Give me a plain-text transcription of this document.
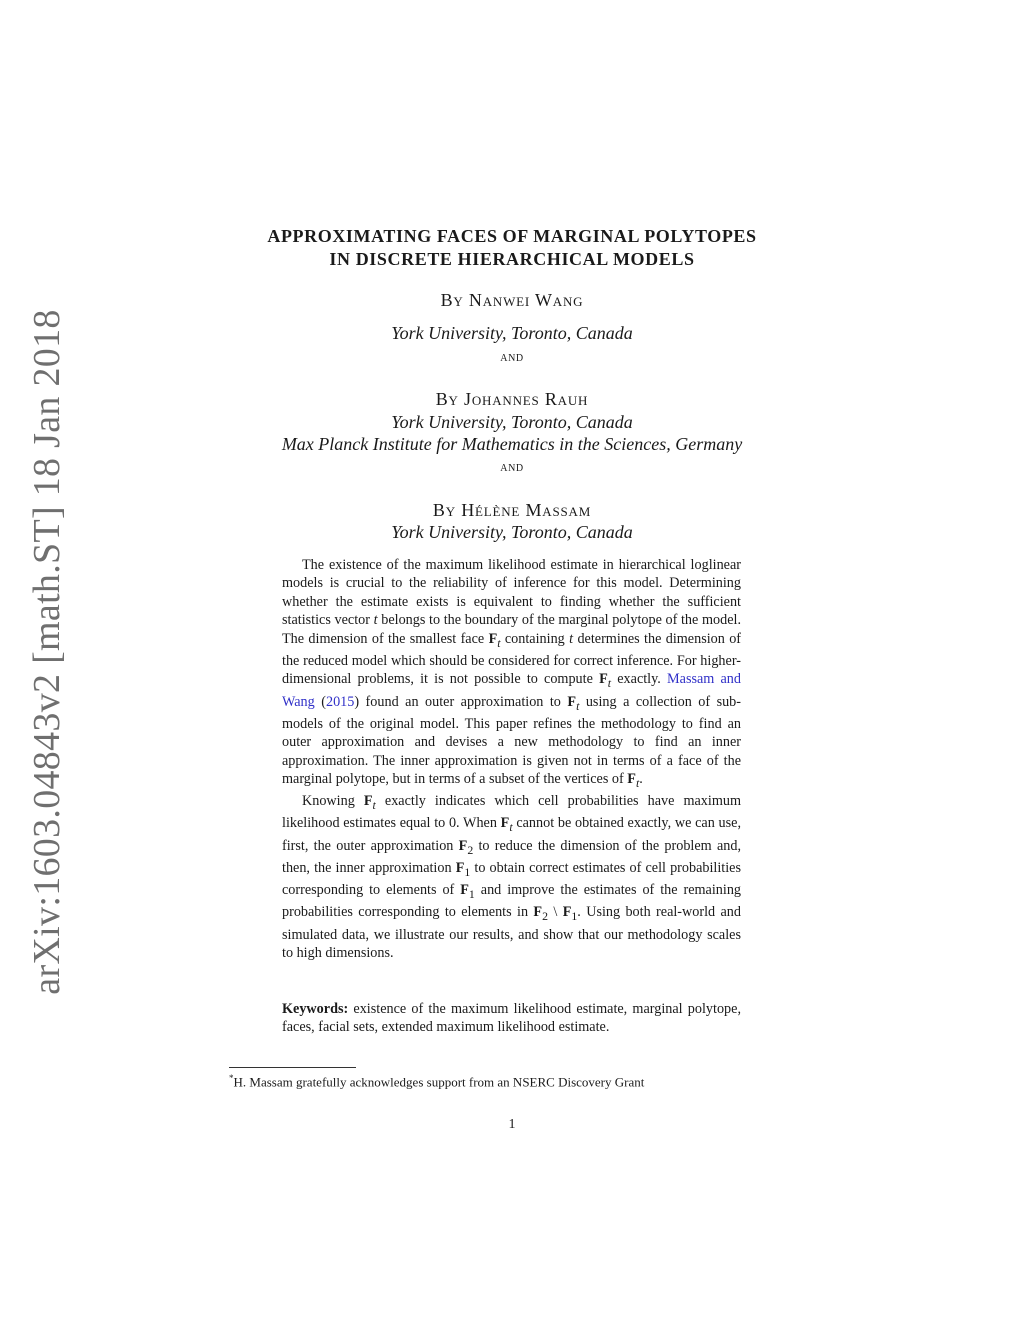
arXiv:1603.04843v2 [math.ST] 18 Jan 2018
APPROXIMATING FACES OF MARGINAL POLYTOPES
IN DISCRETE HIERARCHICAL MODELS
By Nanwei Wang
York University, Toronto, Canada
and
By Johannes Rauh
York University, Toronto, Canada
Max Planck Institute for Mathematics in the Sciences, Germany
and
By Hélène Massam
York University, Toronto, Canada

The existence of the maximum likelihood estimate in hierarchical loglinear models is crucial to the reliability of inference for this model. Determining whether the estimate exists is equivalent to finding whether the sufficient statistics vector t belongs to the boundary of the marginal polytope of the model. The dimension of the smallest face $F_t$ containing t determines the dimension of the reduced model which should be considered for correct inference. For higher-dimensional problems, it is not possible to compute $F_t$ exactly. Massam and Wang (2015) found an outer approximation to $F_t$ using a collection of sub-models of the original model. This paper refines the methodology to find an outer approximation and devises a new methodology to find an inner approximation. The inner approximation is given not in terms of a face of the marginal polytope, but in terms of a subset of the vertices of $F_t$.

Knowing $F_t$ exactly indicates which cell probabilities have maximum likelihood estimates equal to 0. When $F_t$ cannot be obtained exactly, we can use, first, the outer approximation $F_2$ to reduce the dimension of the problem and, then, the inner approximation $F_1$ to obtain correct estimates of cell probabilities corresponding to elements of $F_1$ and improve the estimates of the remaining probabilities corresponding to elements in $F_2$ \ $F_1$. Using both real-world and simulated data, we illustrate our results, and show that our methodology scales to high dimensions.

Keywords: existence of the maximum likelihood estimate, marginal polytope, faces, facial sets, extended maximum likelihood estimate.
*H. Massam gratefully acknowledges support from an NSERC Discovery Grant
1
